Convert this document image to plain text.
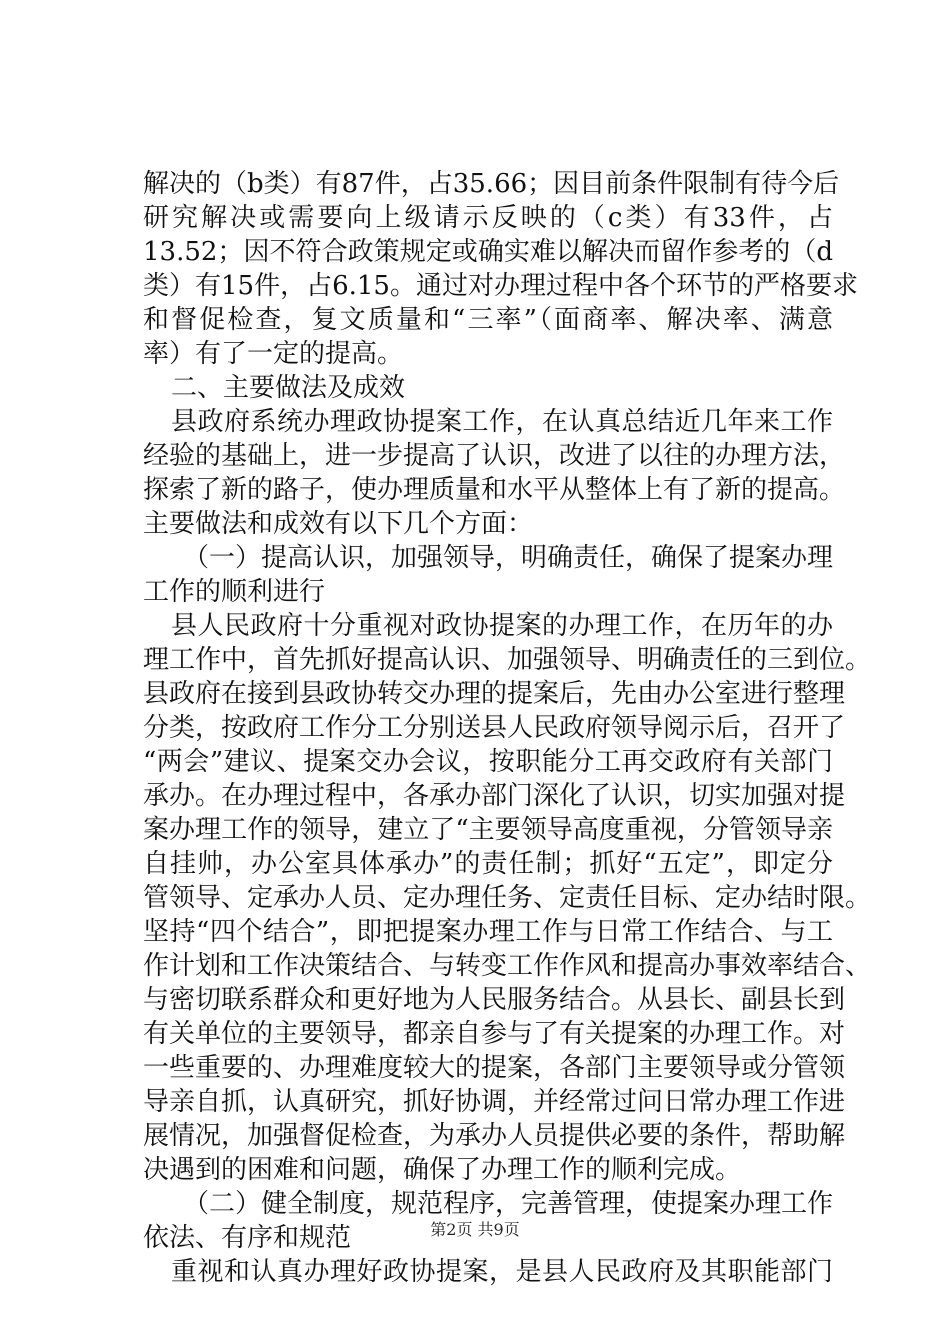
解决的（b类）有87件，占35.66；因目前条件限制有待今后
研究解决或需要向上级请示反映的（c类）有33件，占
13.52；因不符合政策规定或确实难以解决而留作参考的（d
类）有15件，占6.15。通过对办理过程中各个环节的严格要求
和督促检查，复文质量和“三率”（面商率、解决率、满意
率）有了一定的提高。
二、主要做法及成效
县政府系统办理政协提案工作，在认真总结近几年来工作
经验的基础上，进一步提高了认识，改进了以往的办理方法，
探索了新的路子，使办理质量和水平从整体上有了新的提高。
主要做法和成效有以下几个方面：
（一）提高认识，加强领导，明确责任，确保了提案办理
工作的顺利进行
县人民政府十分重视对政协提案的办理工作，在历年的办
理工作中，首先抓好提高认识、加强领导、明确责任的三到位。
县政府在接到县政协转交办理的提案后，先由办公室进行整理
分类，按政府工作分工分别送县人民政府领导阅示后，召开了
“两会”建议、提案交办会议，按职能分工再交政府有关部门
承办。在办理过程中，各承办部门深化了认识，切实加强对提
案办理工作的领导，建立了“主要领导高度重视，分管领导亲
自挂帅，办公室具体承办”的责任制；抓好“五定”，即定分
管领导、定承办人员、定办理任务、定责任目标、定办结时限。
坚持“四个结合”，即把提案办理工作与日常工作结合、与工
作计划和工作决策结合、与转变工作作风和提高办事效率结合、
与密切联系群众和更好地为人民服务结合。从县长、副县长到
有关单位的主要领导，都亲自参与了有关提案的办理工作。对
一些重要的、办理难度较大的提案，各部门主要领导或分管领
导亲自抓，认真研究，抓好协调，并经常过问日常办理工作进
展情况，加强督促检查，为承办人员提供必要的条件，帮助解
决遇到的困难和问题，确保了办理工作的顺利完成。
（二）健全制度，规范程序，完善管理，使提案办理工作
依法、有序和规范
重视和认真办理好政协提案，是县人民政府及其职能部门
第2页 共9页
